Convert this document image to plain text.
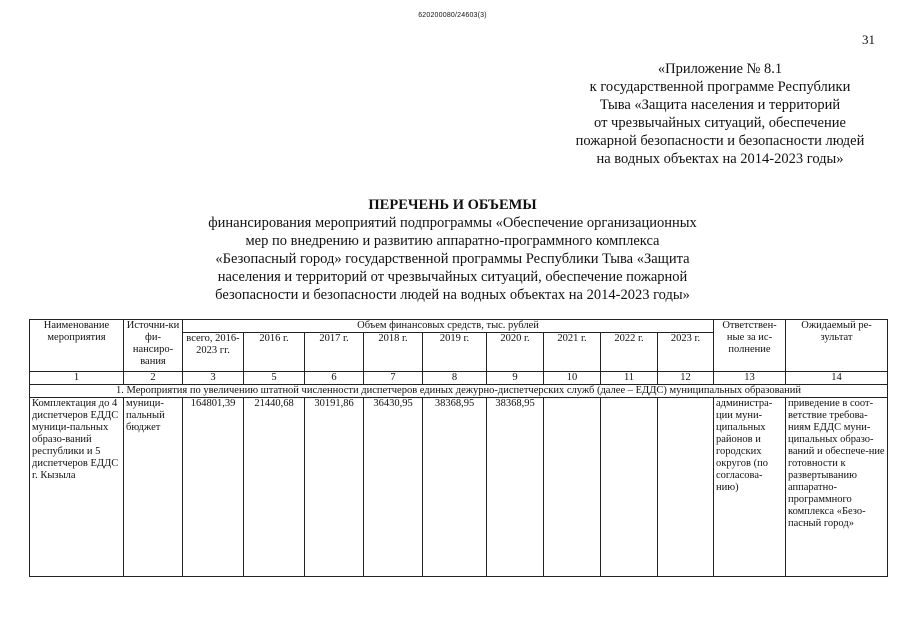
620200080/24603(3)
31
«Приложение № 8.1
к государственной программе Республики
Тыва «Защита населения и территорий
от чрезвычайных ситуаций, обеспечение
пожарной безопасности и безопасности людей
на водных объектах на 2014-2023 годы»
ПЕРЕЧЕНЬ И ОБЪЕМЫ
финансирования мероприятий подпрограммы «Обеспечение организационных
мер по внедрению и развитию аппаратно-программного комплекса
«Безопасный город» государственной программы Республики Тыва «Защита
населения и территорий от чрезвычайных ситуаций, обеспечение пожарной
безопасности и безопасности людей на водных объектах на 2014-2023 годы»
Наименование мероприятия	Источни-ки фи-нансиро-вания	Объем финансовых средств, тыс. рублей									Ответствен-ные за ис-полнение	Ожидаемый ре-зультат
		всего, 2016-2023 гг.	2016 г.	2017 г.	2018 г.	2019 г.	2020 г.	2021 г.	2022 г.	2023 г.		
1	2	3	5	6	7	8	9	10	11	12	13	14
1. Мероприятия по увеличению штатной численности диспетчеров единых дежурно-диспетчерских служб (далее – ЕДДС) муниципальных образований												
Комплектация до 4 диспетчеров ЕДДС муници-пальных образо-ваний республики и 5 диспетчеров ЕДДС г. Кызыла	муници-пальный бюджет	164801,39	21440,68	30191,86	36430,95	38368,95	38368,95				администра-ции муни-ципальных районов и городских округов (по согласова-нию)	приведение в соот-ветствие требова-ниям ЕДДС муни-ципальных образо-ваний и обеспече-ние готовности к развертыванию аппаратно-программного комплекса «Безо-пасный город»
